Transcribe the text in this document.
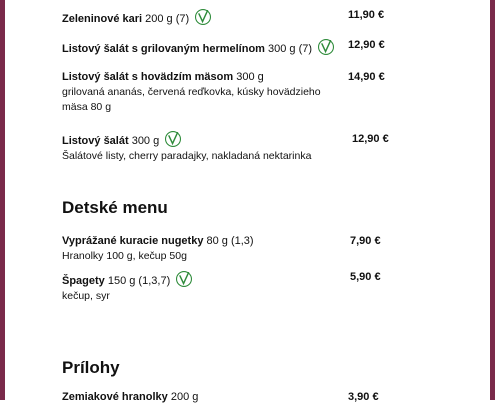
Zeleninové kari 200 g (7)	11,90 €
Listový šalát s grilovaným hermelínom 300 g (7)	12,90 €
Listový šalát s hovädzím mäsom 300 g	14,90 €
grilovaná ananás, červená reďkovka, kúsky hovädzieho mäsa 80 g
Listový šalát 300 g	12,90 €
Šalátové listy, cherry paradajky, nakladaná nektarinka
Detské menu
Vyprážané kuracie nugetky 80 g (1,3)	7,90 €
Hranolky 100 g, kečup 50g
Špagety 150 g (1,3,7)	5,90 €
kečup, syr
Prílohy
Zemiakové hranolky 200 g	3,90 €
